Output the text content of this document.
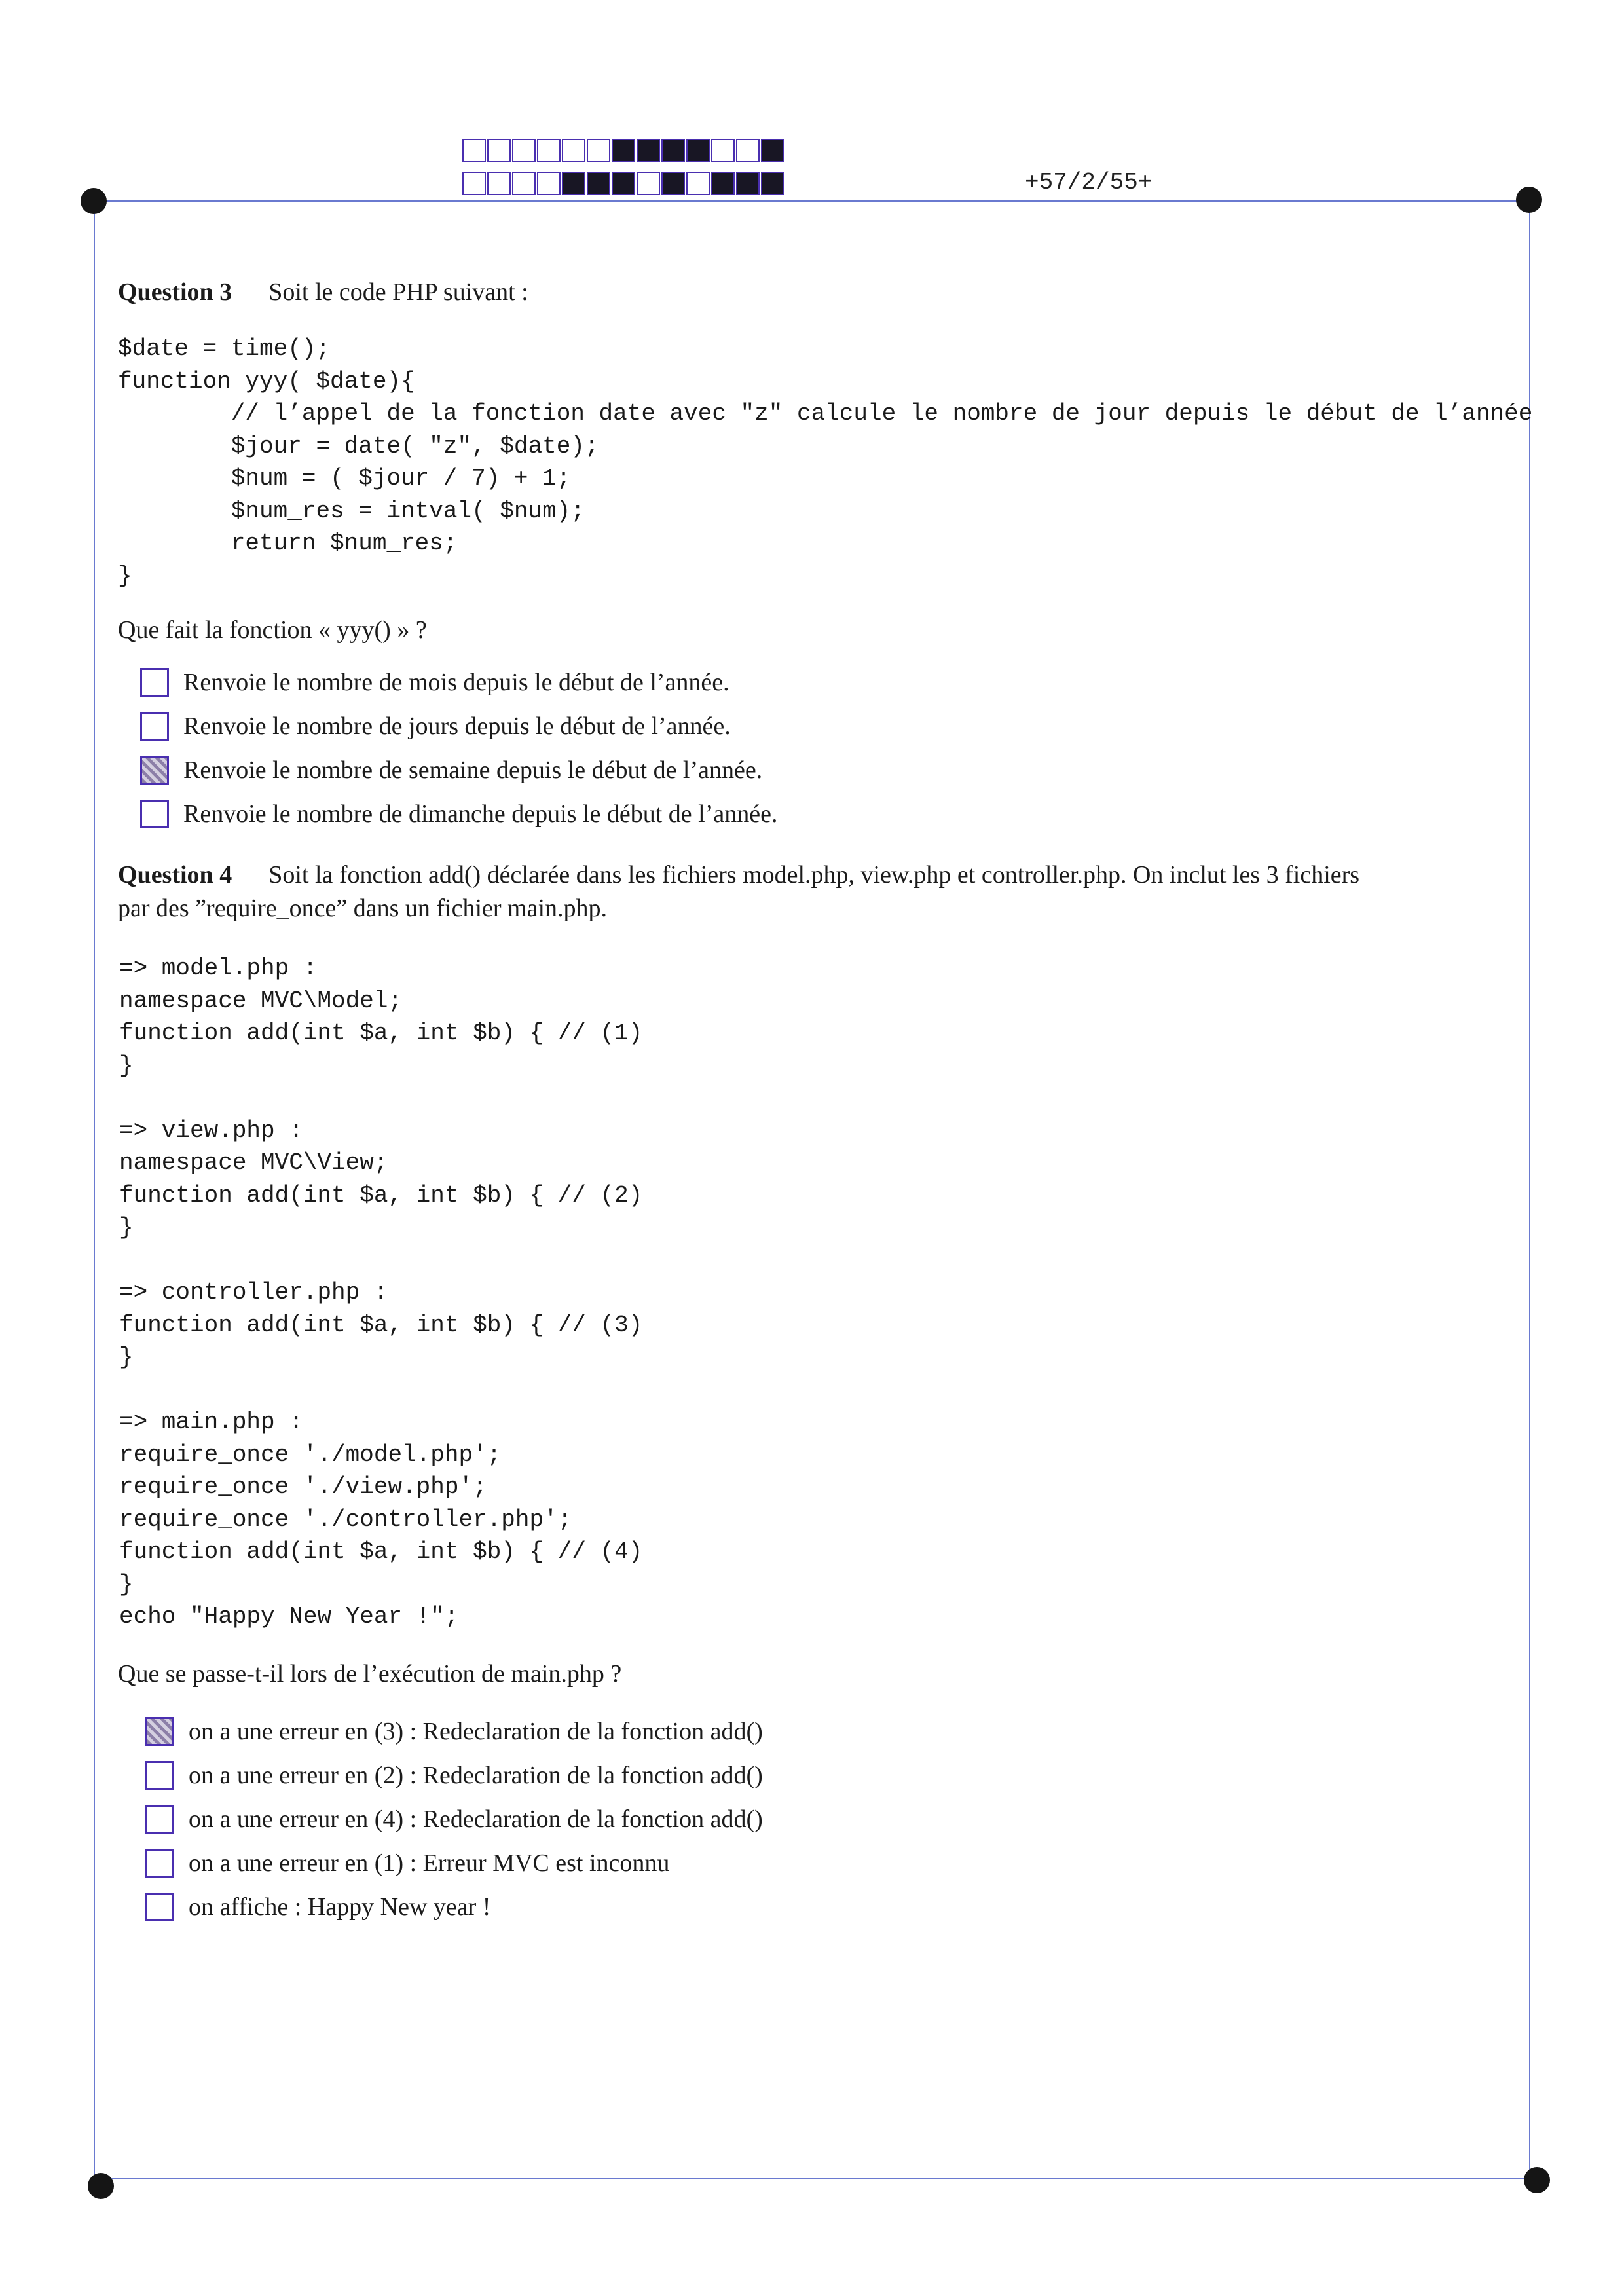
+57/2/55+
Question 3 Soit le code PHP suivant :
$date = time();
function yyy( $date){
// l’appel de la fonction date avec "z" calcule le nombre de jour depuis le début de l’année
$jour = date( "z", $date);
$num = ( $jour / 7) + 1;
$num_res = intval( $num);
return $num_res;
}
Que fait la fonction « yyy() » ?
Renvoie le nombre de mois depuis le début de l’année.
Renvoie le nombre de jours depuis le début de l’année.
Renvoie le nombre de semaine depuis le début de l’année.
Renvoie le nombre de dimanche depuis le début de l’année.
Question 4 Soit la fonction add() déclarée dans les fichiers model.php, view.php et controller.php. On inclut les 3 fichiers
par des ”require_once” dans un fichier main.php.
=> model.php :
namespace MVC\Model;
function add(int $a, int $b) { // (1)
}

=> view.php :
namespace MVC\View;
function add(int $a, int $b) { // (2)
}

=> controller.php :
function add(int $a, int $b) { // (3)
}

=> main.php :
require_once './model.php';
require_once './view.php';
require_once './controller.php';
function add(int $a, int $b) { // (4)
}
echo "Happy New Year !";
Que se passe-t-il lors de l’exécution de main.php ?
on a une erreur en (3) : Redeclaration de la fonction add()
on a une erreur en (2) : Redeclaration de la fonction add()
on a une erreur en (4) : Redeclaration de la fonction add()
on a une erreur en (1) : Erreur MVC est inconnu
on affiche : Happy New year !
